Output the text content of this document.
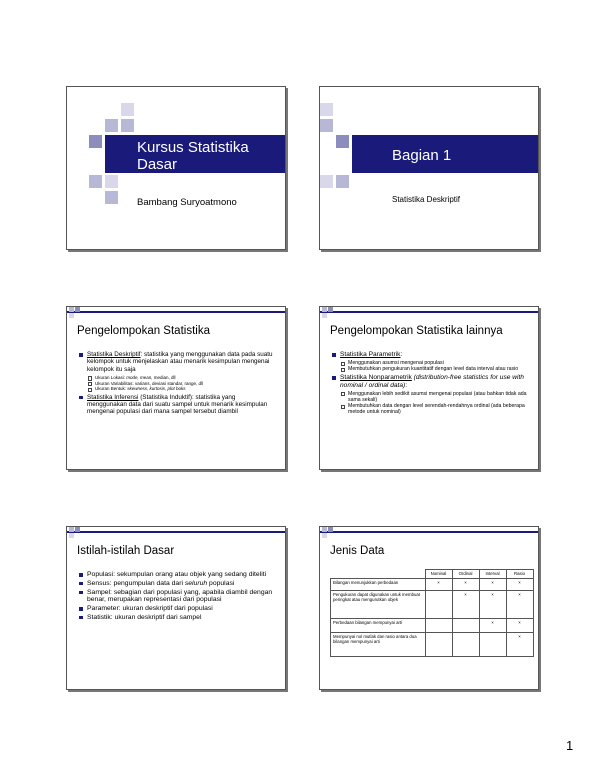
Kursus Statistika
Dasar
Bambang Suryoatmono
Bagian 1
Statistika Deskriptif
Pengelompokan Statistika
Statistika Deskriptif: statistika yang menggunakan data pada suatu kelompok untuk menjelaskan atau menarik kesimpulan mengenai kelompok itu saja
Ukuran Lokasi: mode, mean, median, dll
Ukuran Variabilitas: varians, deviasi standar, range, dll
Ukuran Bentuk: skewness, kurtosis, plot boks
Statistika Inferensi (Statistika Induktif): statistika yang menggunakan data dari suatu sampel untuk menarik kesimpulan mengenai populasi dari mana sampel tersebut diambil
Pengelompokan Statistika lainnya
Statistika Parametrik:
Menggunakan asumsi mengenai populasi
Membutuhkan pengukuran kuantitatif dengan level data interval atau rasio
Statistika Nonparametrik (distribution-free statistics for use with nominal / ordinal data):
Menggunakan lebih sedikit asumsi mengenai populasi (atau bahkan tidak ada sama sekali)
Membutuhkan data dengan level serendah-rendahnya ordinal (ada beberapa metode untuk nominal)
Istilah-istilah Dasar
Populasi: sekumpulan orang atau objek yang sedang diteliti
Sensus: pengumpulan data dari seluruh populasi
Sampel: sebagian dari populasi yang, apabila diambil dengan benar, merupakan representasi dari populasi
Parameter: ukuran deskriptif dari populasi
Statistik: ukuran deskriptif dari sampel
Jenis Data
	Nominal	Ordinal	Interval	Rasio
Bilangan menunjukkan perbedaan	×	×	×	×
Pengukuran dapat digunakan untuk membuat peringkat atau mengurutkan objek		×	×	×
Perbedaan bilangan mempunyai arti			×	×
Mempunyai nol mutlak dan rasio antara dua bilangan mempunyai arti				×
1
